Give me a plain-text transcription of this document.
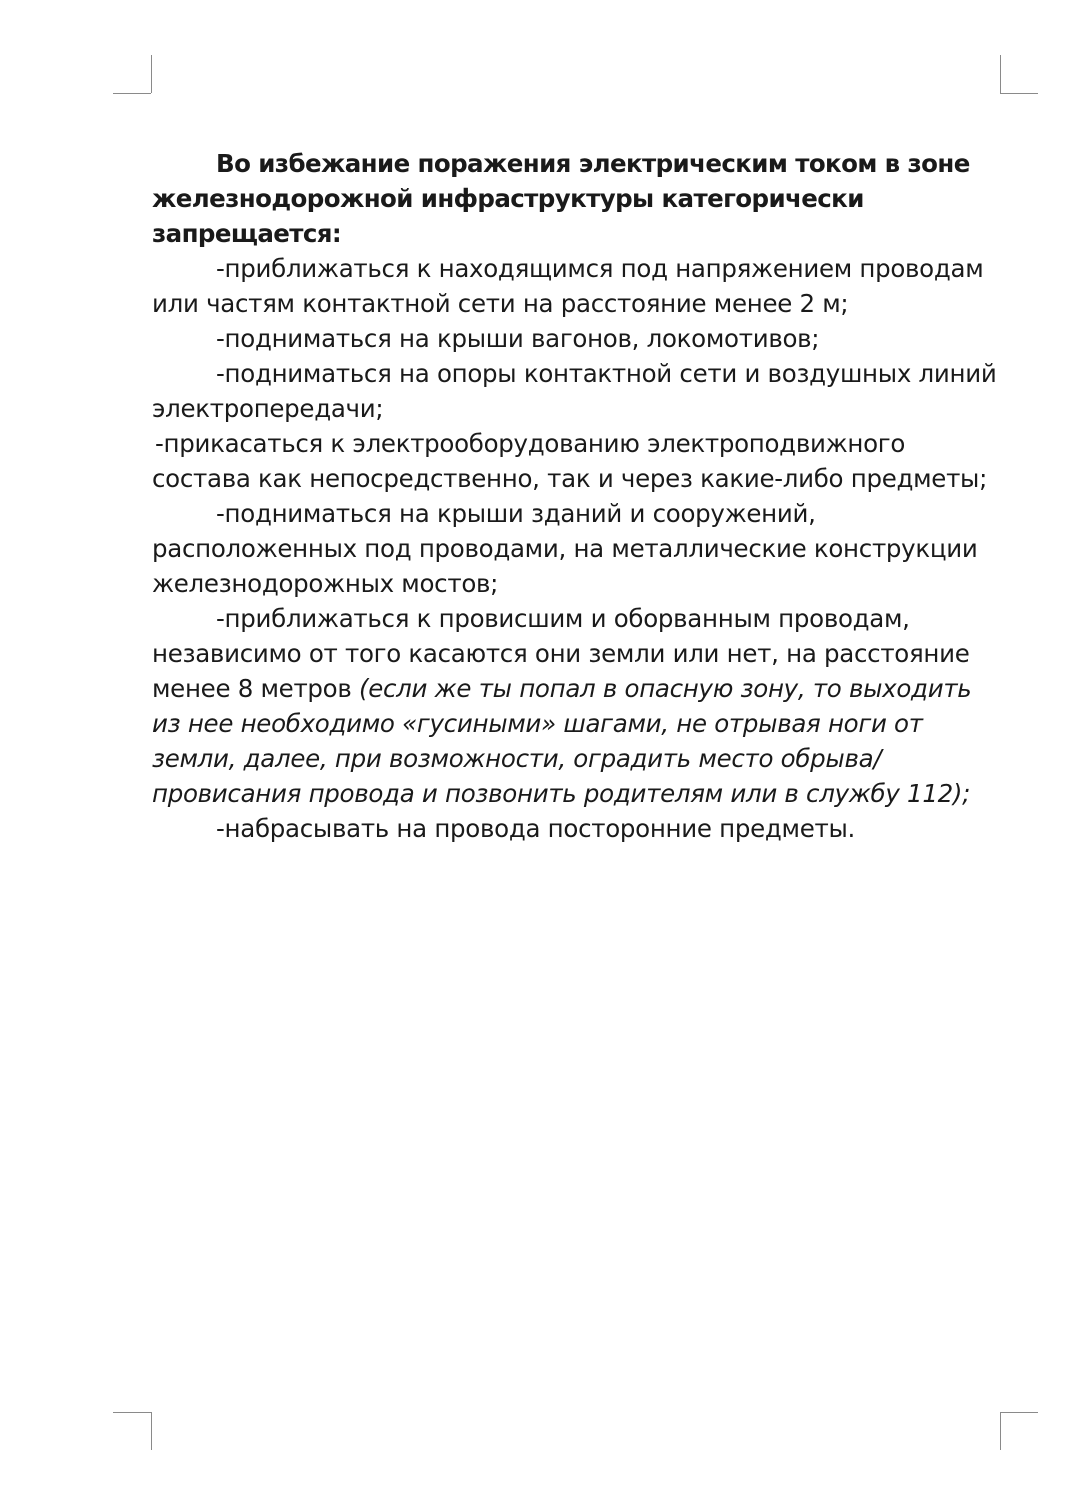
Во избежание поражения электрическим током в зоне железнодорожной инфраструктуры категорически запрещается:

-приближаться к находящимся под напряжением проводам или частям контактной сети на расстояние менее 2 м;

-подниматься на крыши вагонов, локомотивов;

-подниматься на опоры контактной сети и воздушных линий электропередачи;

-прикасаться к электрооборудованию электроподвижного состава как непосредственно, так и через какие-либо предметы;

-подниматься на крыши зданий и сооружений, расположенных под проводами, на металлические конструкции железнодорожных мостов;

-приближаться к провисшим и оборванным проводам, независимо от того касаются они земли или нет, на расстояние менее 8 метров (если же ты попал в опасную зону, то выходить из нее необходимо «гусиными» шагами, не отрывая ноги от земли, далее, при возможности, оградить место обрыва/провисания провода и позвонить родителям или в службу 112);

-набрасывать на провода посторонние предметы.
